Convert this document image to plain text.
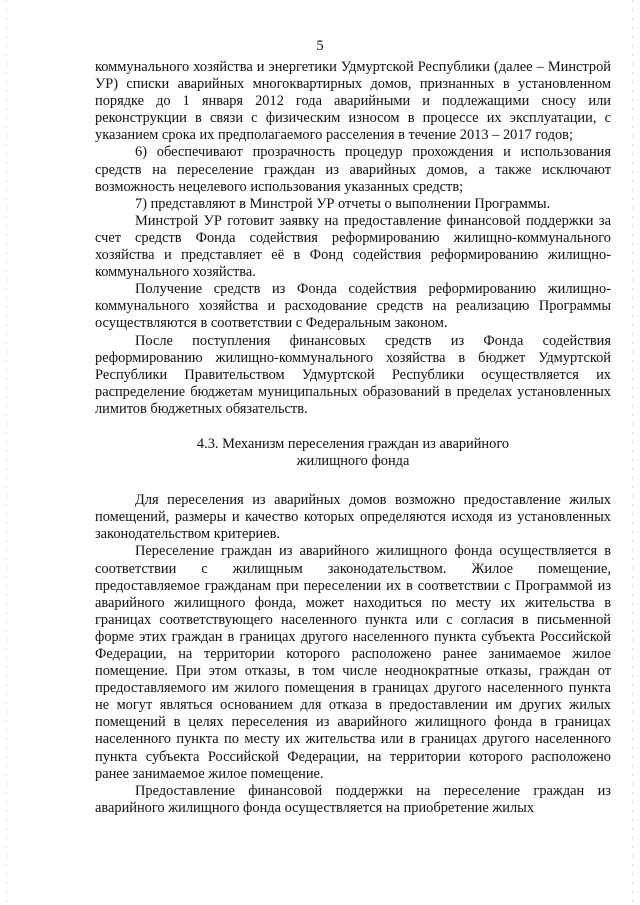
5

коммунального хозяйства и энергетики Удмуртской Республики (далее – Минстрой УР) списки аварийных многоквартирных домов, признанных в установленном порядке до 1 января 2012 года аварийными и подлежащими сносу или реконструкции в связи с физическим износом в процессе их эксплуатации, с указанием срока их предполагаемого расселения в течение 2013 – 2017 годов;

6) обеспечивают прозрачность процедур прохождения и использования средств на переселение граждан из аварийных домов, а также исключают возможность нецелевого использования указанных средств;

7) представляют в Минстрой УР отчеты о выполнении Программы.

Минстрой УР готовит заявку на предоставление финансовой поддержки за счет средств Фонда содействия реформированию жилищно-коммунального хозяйства и представляет её в Фонд содействия реформированию жилищно-коммунального хозяйства.

Получение средств из Фонда содействия реформированию жилищно-коммунального хозяйства и расходование средств на реализацию Программы осуществляются в соответствии с Федеральным законом.

После поступления финансовых средств из Фонда содействия реформированию жилищно-коммунального хозяйства в бюджет Удмуртской Республики Правительством Удмуртской Республики осуществляется их распределение бюджетам муниципальных образований в пределах установленных лимитов бюджетных обязательств.

4.3. Механизм переселения граждан из аварийного
жилищного фонда

Для переселения из аварийных домов возможно предоставление жилых помещений, размеры и качество которых определяются исходя из установленных законодательством критериев.

Переселение граждан из аварийного жилищного фонда осуществляется в соответствии с жилищным законодательством. Жилое помещение, предоставляемое гражданам при переселении их в соответствии с Программой из аварийного жилищного фонда, может находиться по месту их жительства в границах соответствующего населенного пункта или с согласия в письменной форме этих граждан в границах другого населенного пункта субъекта Российской Федерации, на территории которого расположено ранее занимаемое жилое помещение. При этом отказы, в том числе неоднократные отказы, граждан от предоставляемого им жилого помещения в границах другого населенного пункта не могут являться основанием для отказа в предоставлении им других жилых помещений в целях переселения из аварийного жилищного фонда в границах населенного пункта по месту их жительства или в границах другого населенного пункта субъекта Российской Федерации, на территории которого расположено ранее занимаемое жилое помещение.

Предоставление финансовой поддержки на переселение граждан из аварийного жилищного фонда осуществляется на приобретение жилых
